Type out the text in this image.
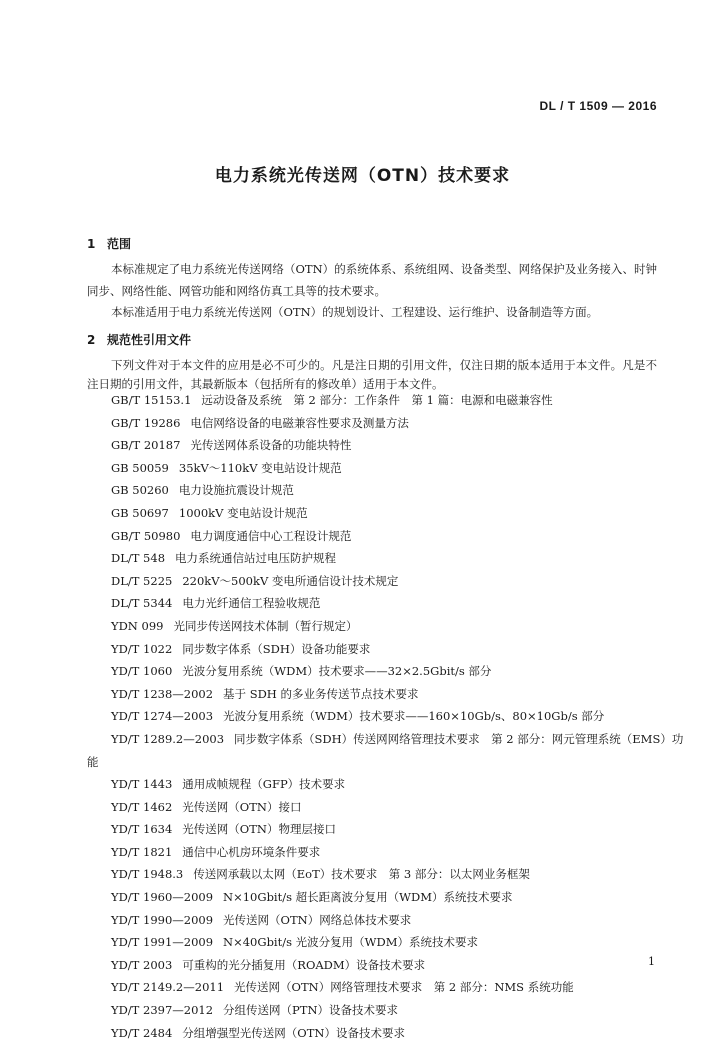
DL / T 1509 — 2016
电力系统光传送网（OTN）技术要求
1 范围

本标准规定了电力系统光传送网络（OTN）的系统体系、系统组网、设备类型、网络保护及业务接入、时钟同步、网络性能、网管功能和网络仿真工具等的技术要求。

本标准适用于电力系统光传送网（OTN）的规划设计、工程建设、运行维护、设备制造等方面。

2 规范性引用文件

下列文件对于本文件的应用是必不可少的。凡是注日期的引用文件，仅注日期的版本适用于本文件。凡是不注日期的引用文件，其最新版本（包括所有的修改单）适用于本文件。

GB/T 15153.1 远动设备及系统　第 2 部分：工作条件　第 1 篇：电源和电磁兼容性
GB/T 19286 电信网络设备的电磁兼容性要求及测量方法
GB/T 20187 光传送网体系设备的功能块特性
GB 50059 35kV～110kV 变电站设计规范
GB 50260 电力设施抗震设计规范
GB 50697 1000kV 变电站设计规范
GB/T 50980 电力调度通信中心工程设计规范
DL/T 548 电力系统通信站过电压防护规程
DL/T 5225 220kV～500kV 变电所通信设计技术规定
DL/T 5344 电力光纤通信工程验收规范
YDN 099 光同步传送网技术体制（暂行规定）
YD/T 1022 同步数字体系（SDH）设备功能要求
YD/T 1060 光波分复用系统（WDM）技术要求——32×2.5Gbit/s 部分
YD/T 1238—2002 基于 SDH 的多业务传送节点技术要求
YD/T 1274—2003 光波分复用系统（WDM）技术要求——160×10Gb/s、80×10Gb/s 部分
YD/T 1289.2—2003 同步数字体系（SDH）传送网网络管理技术要求　第 2 部分：网元管理系统（EMS）功能
YD/T 1443 通用成帧规程（GFP）技术要求
YD/T 1462 光传送网（OTN）接口
YD/T 1634 光传送网（OTN）物理层接口
YD/T 1821 通信中心机房环境条件要求
YD/T 1948.3 传送网承载以太网（EoT）技术要求　第 3 部分：以太网业务框架
YD/T 1960—2009 N×10Gbit/s 超长距离波分复用（WDM）系统技术要求
YD/T 1990—2009 光传送网（OTN）网络总体技术要求
YD/T 1991—2009 N×40Gbit/s 光波分复用（WDM）系统技术要求
YD/T 2003 可重构的光分插复用（ROADM）设备技术要求
YD/T 2149.2—2011 光传送网（OTN）网络管理技术要求　第 2 部分：NMS 系统功能
YD/T 2397—2012 分组传送网（PTN）设备技术要求
YD/T 2484 分组增强型光传送网（OTN）设备技术要求
1
